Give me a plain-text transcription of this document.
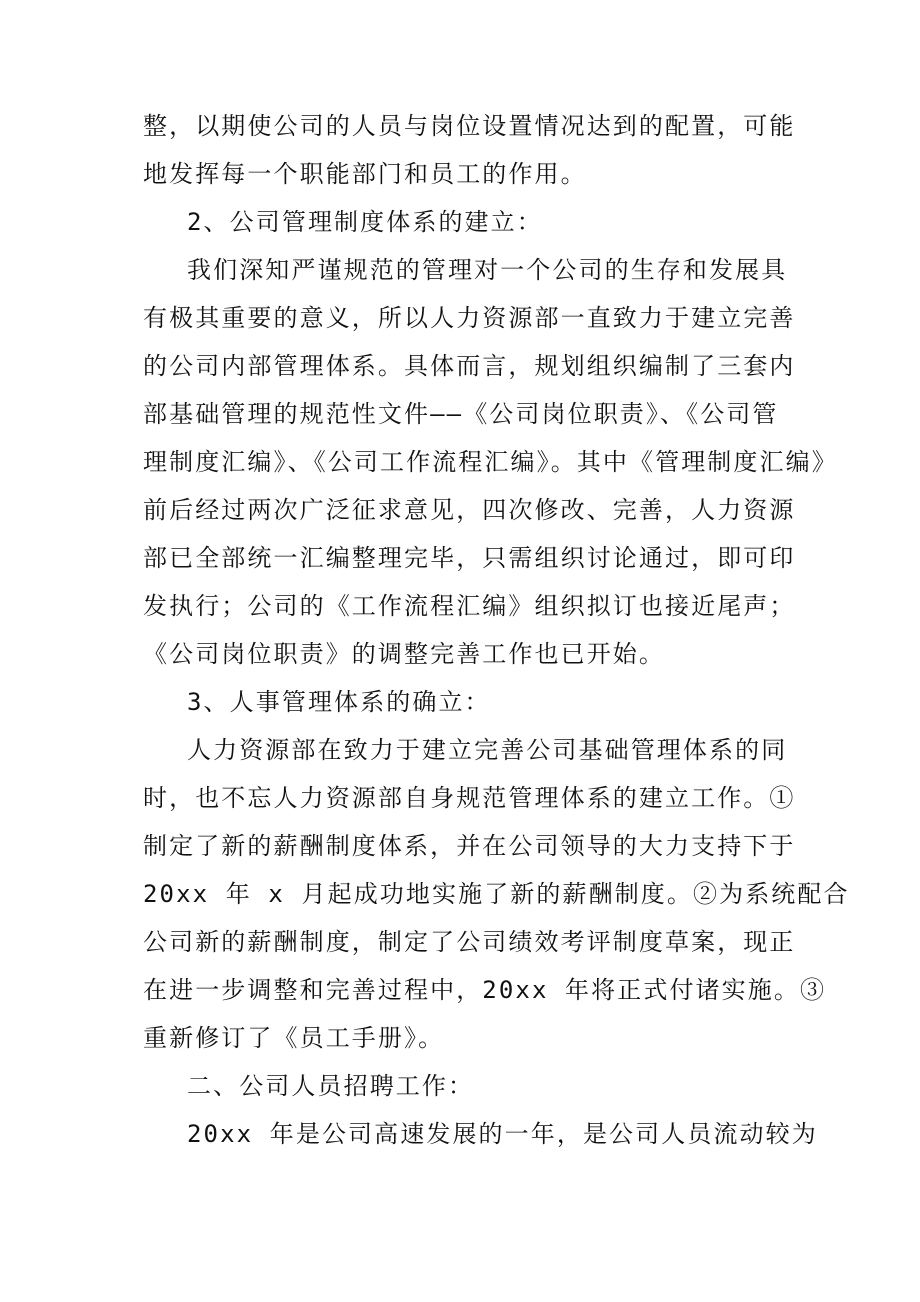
整，以期使公司的人员与岗位设置情况达到的配置，可能
地发挥每一个职能部门和员工的作用。
2、公司管理制度体系的建立：
我们深知严谨规范的管理对一个公司的生存和发展具
有极其重要的意义，所以人力资源部一直致力于建立完善
的公司内部管理体系。具体而言，规划组织编制了三套内
部基础管理的规范性文件——《公司岗位职责》、《公司管
理制度汇编》、《公司工作流程汇编》。其中《管理制度汇编》
前后经过两次广泛征求意见，四次修改、完善，人力资源
部已全部统一汇编整理完毕，只需组织讨论通过，即可印
发执行；公司的《工作流程汇编》组织拟订也接近尾声；
《公司岗位职责》的调整完善工作也已开始。
3、人事管理体系的确立：
人力资源部在致力于建立完善公司基础管理体系的同
时，也不忘人力资源部自身规范管理体系的建立工作。①
制定了新的薪酬制度体系，并在公司领导的大力支持下于
20xx 年 x 月起成功地实施了新的薪酬制度。②为系统配合
公司新的薪酬制度，制定了公司绩效考评制度草案，现正
在进一步调整和完善过程中，20xx 年将正式付诸实施。③
重新修订了《员工手册》。
二、公司人员招聘工作：
20xx 年是公司高速发展的一年，是公司人员流动较为
